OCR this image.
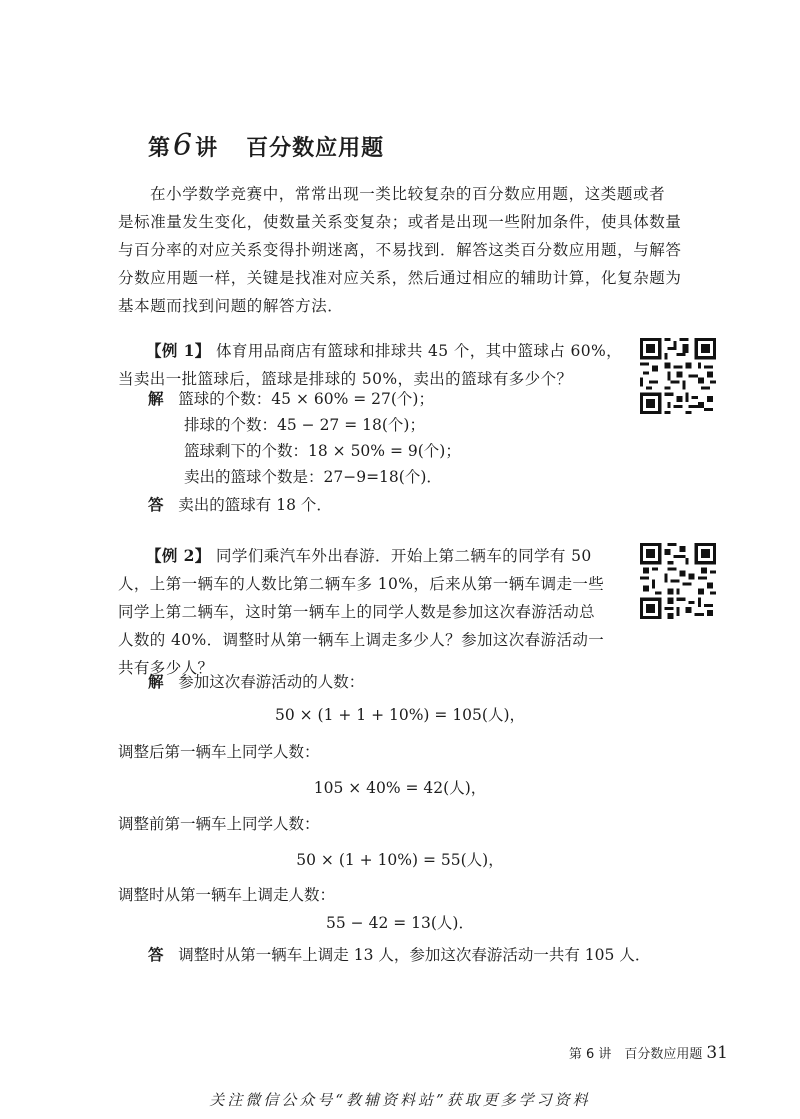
第6讲 百分数应用题
在小学数学竞赛中，常常出现一类比较复杂的百分数应用题，这类题或者
是标准量发生变化，使数量关系变复杂；或者是出现一些附加条件，使具体数量
与百分率的对应关系变得扑朔迷离，不易找到．解答这类百分数应用题，与解答
分数应用题一样，关键是找准对应关系，然后通过相应的辅助计算，化复杂题为
基本题而找到问题的解答方法．
【例 1】 体育用品商店有篮球和排球共 45 个，其中篮球占 60%，
当卖出一批篮球后，篮球是排球的 50%，卖出的篮球有多少个？
解 篮球的个数：45 × 60% = 27(个)；
排球的个数：45 − 27 = 18(个)；
篮球剩下的个数：18 × 50% = 9(个)；
卖出的篮球个数是：27−9=18(个)．
答 卖出的篮球有 18 个．
【例 2】 同学们乘汽车外出春游．开始上第二辆车的同学有 50
人，上第一辆车的人数比第二辆车多 10%，后来从第一辆车调走一些
同学上第二辆车，这时第一辆车上的同学人数是参加这次春游活动总
人数的 40%．调整时从第一辆车上调走多少人？参加这次春游活动一
共有多少人？
解 参加这次春游活动的人数：
50 × (1 + 1 + 10%) = 105(人)，
调整后第一辆车上同学人数：
105 × 40% = 42(人)，
调整前第一辆车上同学人数：
50 × (1 + 10%) = 55(人)，
调整时从第一辆车上调走人数：
55 − 42 = 13(人)．
答 调整时从第一辆车上调走 13 人，参加这次春游活动一共有 105 人．
第 6 讲　百分数应用题 31
关注微信公众号“教辅资料站”获取更多学习资料
